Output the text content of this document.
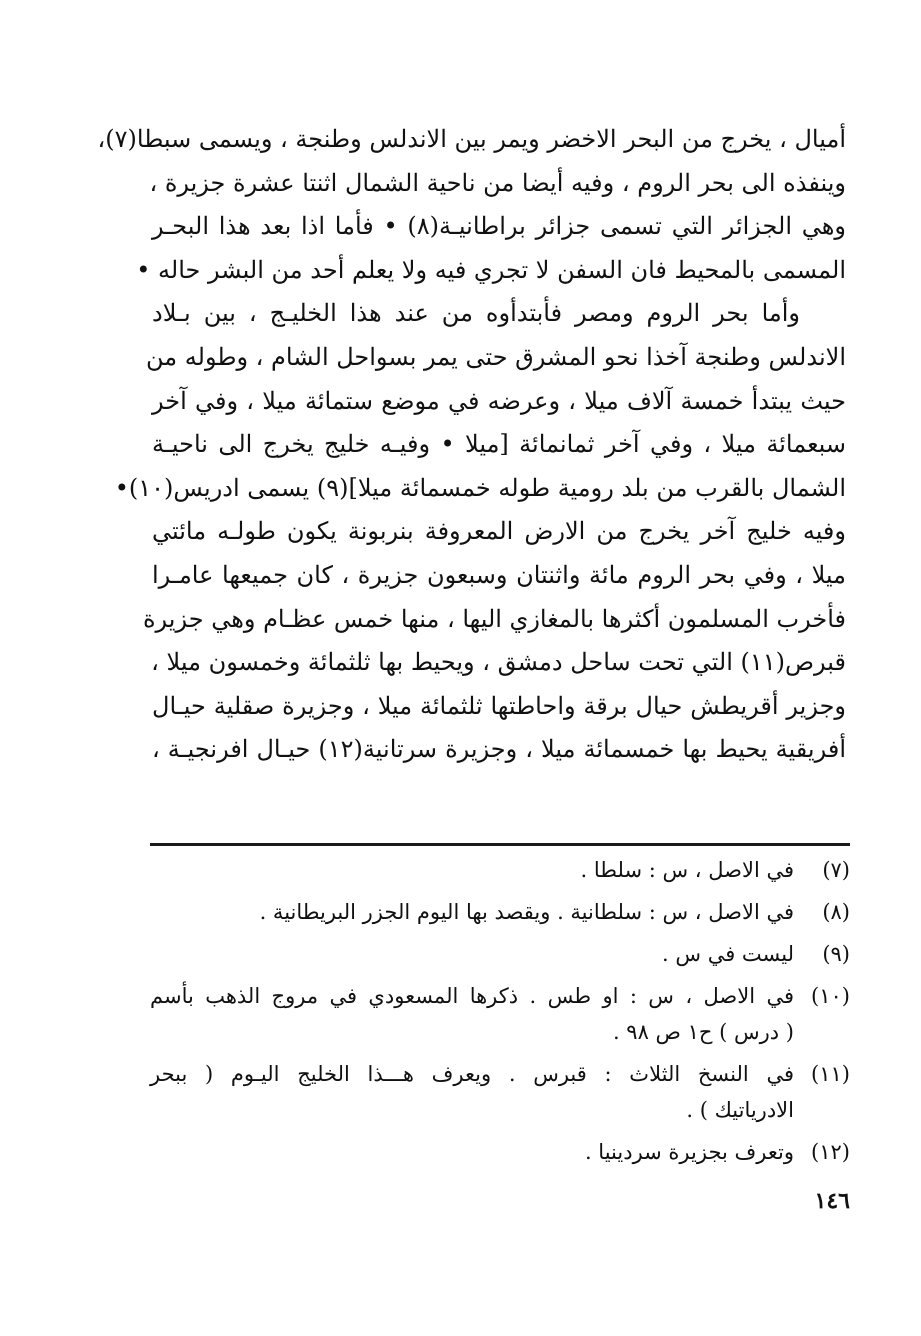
أميال ، يخرج من البحر الاخضر ويمر بين الاندلس وطنجة ، ويسمى سبطا(٧)،
وينفذه الى بحر الروم ، وفيه أيضا من ناحية الشمال اثنتا عشرة جزيرة ،
وهي الجزائر التي تسمى جزائر براطانيـة(٨) • فأما اذا بعد هذا البحـر
المسمى بالمحيط فان السفن لا تجري فيه ولا يعلم أحد من البشر حاله •
وأما بحر الروم ومصر فأبتدأوه من عند هذا الخليـج ، بين بـلاد
الاندلس وطنجة آخذا نحو المشرق حتى يمر بسواحل الشام ، وطوله من
حيث يبتدأ خمسة آلاف ميلا ، وعرضه في موضع ستمائة ميلا ، وفي آخر
سبعمائة ميلا ، وفي آخر ثمانمائة [ميلا • وفيـه خليج يخرج الى ناحيـة
الشمال بالقرب من بلد رومية طوله خمسمائة ميلا](٩) يسمى ادريس(١٠)•
وفيه خليج آخر يخرج من الارض المعروفة بنربونة يكون طولـه مائتي
ميلا ، وفي بحر الروم مائة واثنتان وسبعون جزيرة ، كان جميعها عامـرا
فأخرب المسلمون أكثرها بالمغازي اليها ، منها خمس عظـام وهي جزيرة
قبرص(١١) التي تحت ساحل دمشق ، ويحيط بها ثلثمائة وخمسون ميلا ،
وجزير أقريطش حيال برقة واحاطتها ثلثمائة ميلا ، وجزيرة صقلية حيـال
أفريقية يحيط بها خمسمائة ميلا ، وجزيرة سرتانية(١٢) حيـال افرنجيـة ،
(٧)
في الاصل ، س : سلطا .
(٨)
في الاصل ، س : سلطانية . ويقصد بها اليوم الجزر البريطانية .
(٩)
ليست في س .
(١٠)
في الاصل ، س : او طس . ذكرها المسعودي في مروج الذهب بأسم
( درس ) ح١ ص ٩٨ .
(١١)
في النسخ الثلاث : قبرس . ويعرف هـــذا الخليج اليـوم ( ببحر
الادرياتيك ) .
(١٢)
وتعرف بجزيرة سردينيا .
١٤٦
